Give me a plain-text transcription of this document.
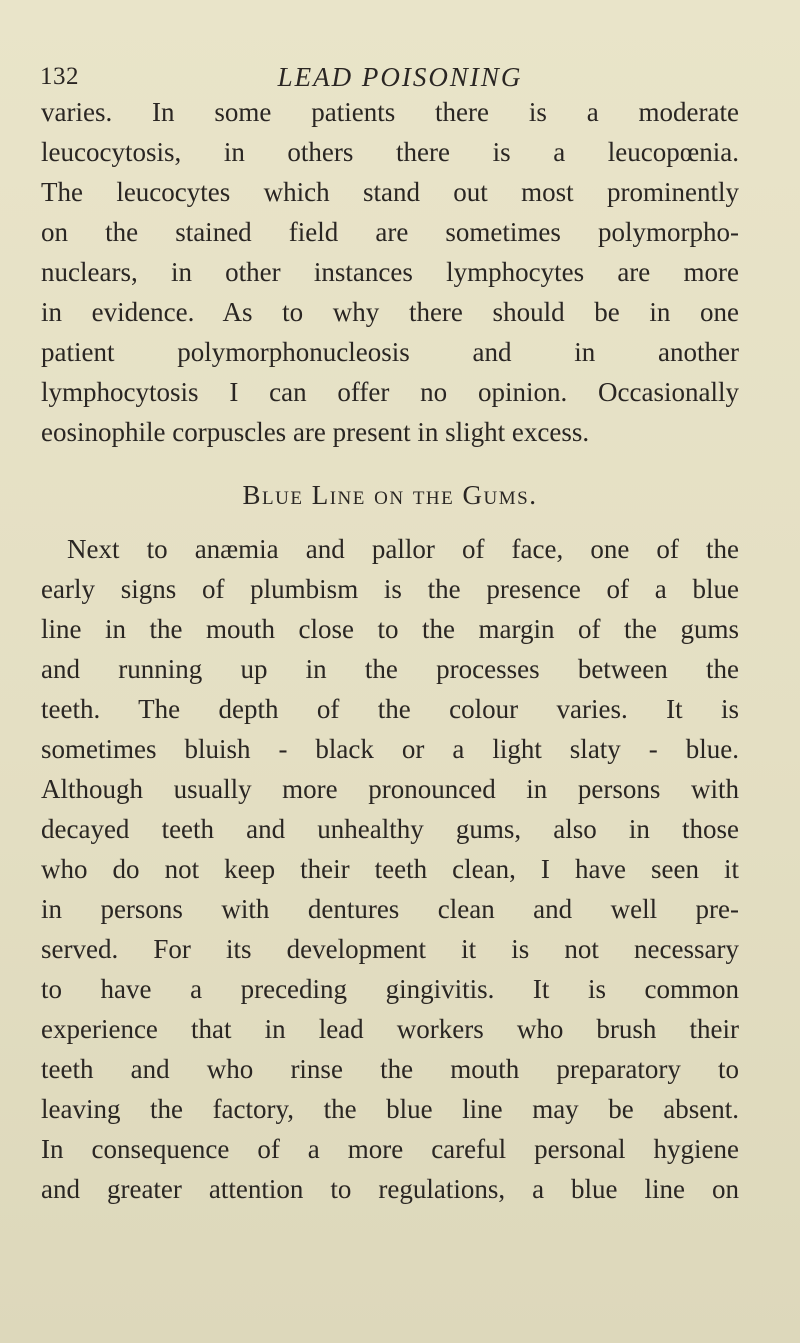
132	LEAD POISONING
varies. In some patients there is a moderate
leucocytosis, in others there is a leucopœnia.
The leucocytes which stand out most prominently
on the stained field are sometimes polymorpho-
nuclears, in other instances lymphocytes are more
in evidence. As to why there should be in one
patient polymorphonucleosis and in another
lymphocytosis I can offer no opinion. Occasionally
eosinophile corpuscles are present in slight excess.
Blue Line on the Gums.
Next to anæmia and pallor of face, one of the
early signs of plumbism is the presence of a blue
line in the mouth close to the margin of the gums
and running up in the processes between the
teeth. The depth of the colour varies. It is
sometimes bluish - black or a light slaty - blue.
Although usually more pronounced in persons with
decayed teeth and unhealthy gums, also in those
who do not keep their teeth clean, I have seen it
in persons with dentures clean and well pre-
served. For its development it is not necessary
to have a preceding gingivitis. It is common
experience that in lead workers who brush their
teeth and who rinse the mouth preparatory to
leaving the factory, the blue line may be absent.
In consequence of a more careful personal hygiene
and greater attention to regulations, a blue line on
